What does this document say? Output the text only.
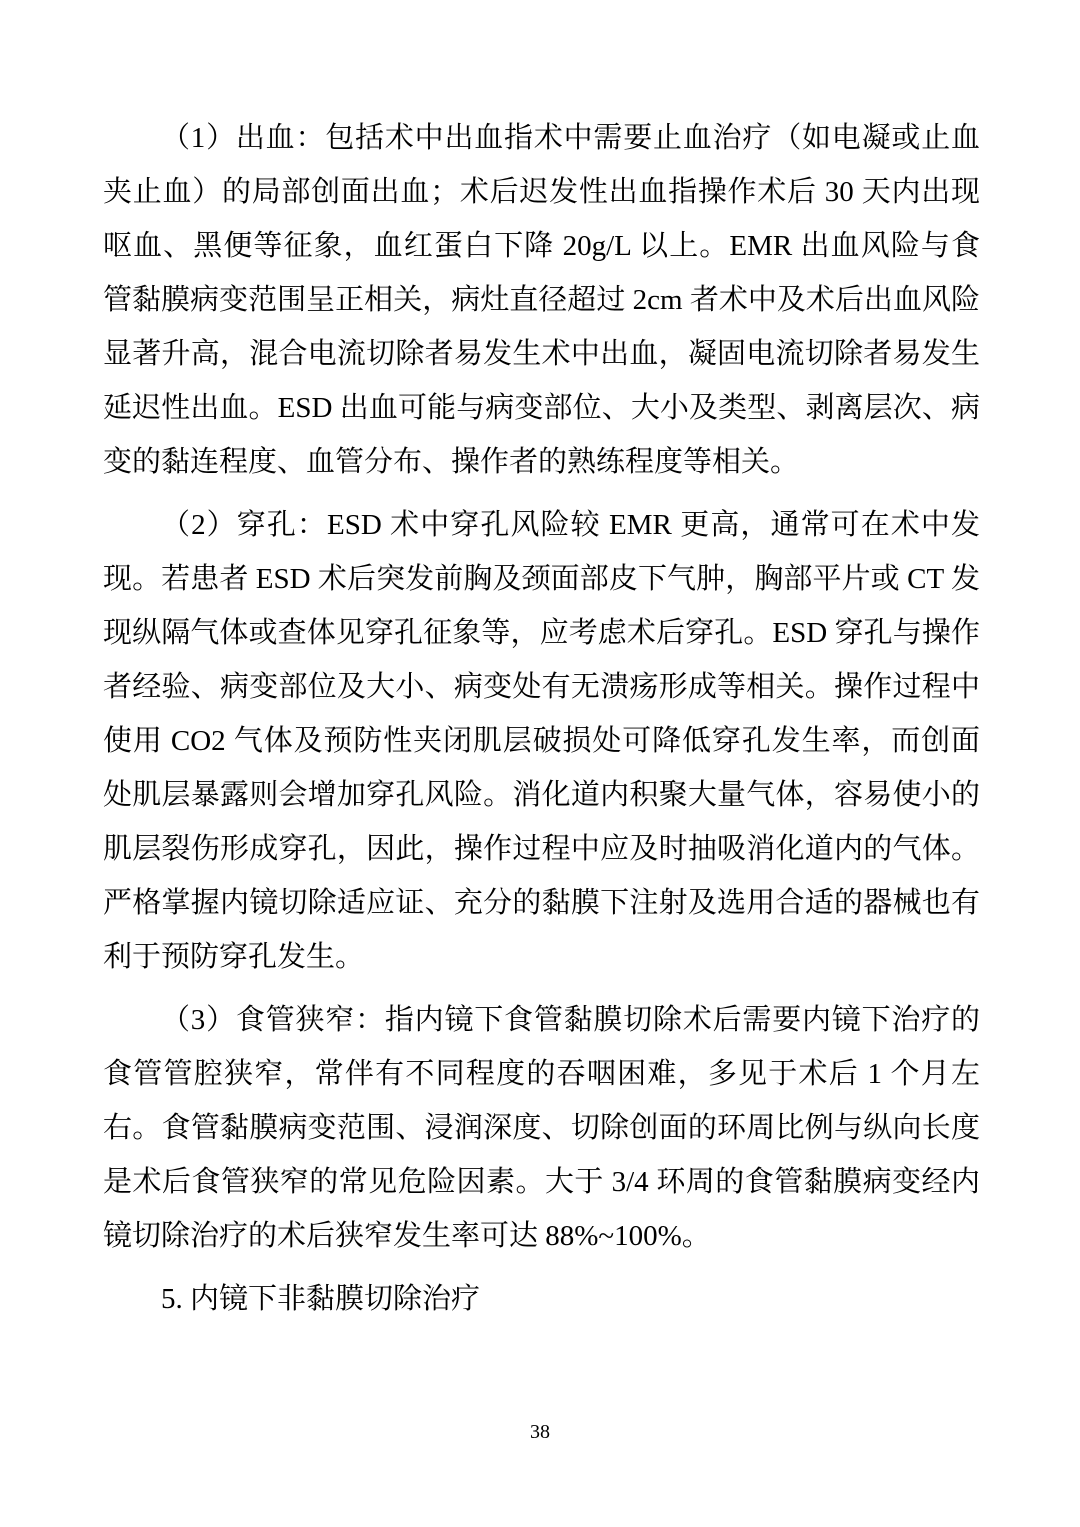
（1）出血：包括术中出血指术中需要止血治疗（如电凝或止血夹止血）的局部创面出血；术后迟发性出血指操作术后 30 天内出现呕血、黑便等征象，血红蛋白下降 20g/L 以上。EMR 出血风险与食管黏膜病变范围呈正相关，病灶直径超过 2cm 者术中及术后出血风险显著升高，混合电流切除者易发生术中出血，凝固电流切除者易发生延迟性出血。ESD 出血可能与病变部位、大小及类型、剥离层次、病变的黏连程度、血管分布、操作者的熟练程度等相关。

（2）穿孔：ESD 术中穿孔风险较 EMR 更高，通常可在术中发现。若患者 ESD 术后突发前胸及颈面部皮下气肿，胸部平片或 CT 发现纵隔气体或查体见穿孔征象等，应考虑术后穿孔。ESD 穿孔与操作者经验、病变部位及大小、病变处有无溃疡形成等相关。操作过程中使用 CO2 气体及预防性夹闭肌层破损处可降低穿孔发生率，而创面处肌层暴露则会增加穿孔风险。消化道内积聚大量气体，容易使小的肌层裂伤形成穿孔，因此，操作过程中应及时抽吸消化道内的气体。严格掌握内镜切除适应证、充分的黏膜下注射及选用合适的器械也有利于预防穿孔发生。

（3）食管狭窄：指内镜下食管黏膜切除术后需要内镜下治疗的食管管腔狭窄，常伴有不同程度的吞咽困难，多见于术后 1 个月左右。食管黏膜病变范围、浸润深度、切除创面的环周比例与纵向长度是术后食管狭窄的常见危险因素。大于 3/4 环周的食管黏膜病变经内镜切除治疗的术后狭窄发生率可达 88%~100%。

5. 内镜下非黏膜切除治疗

38
